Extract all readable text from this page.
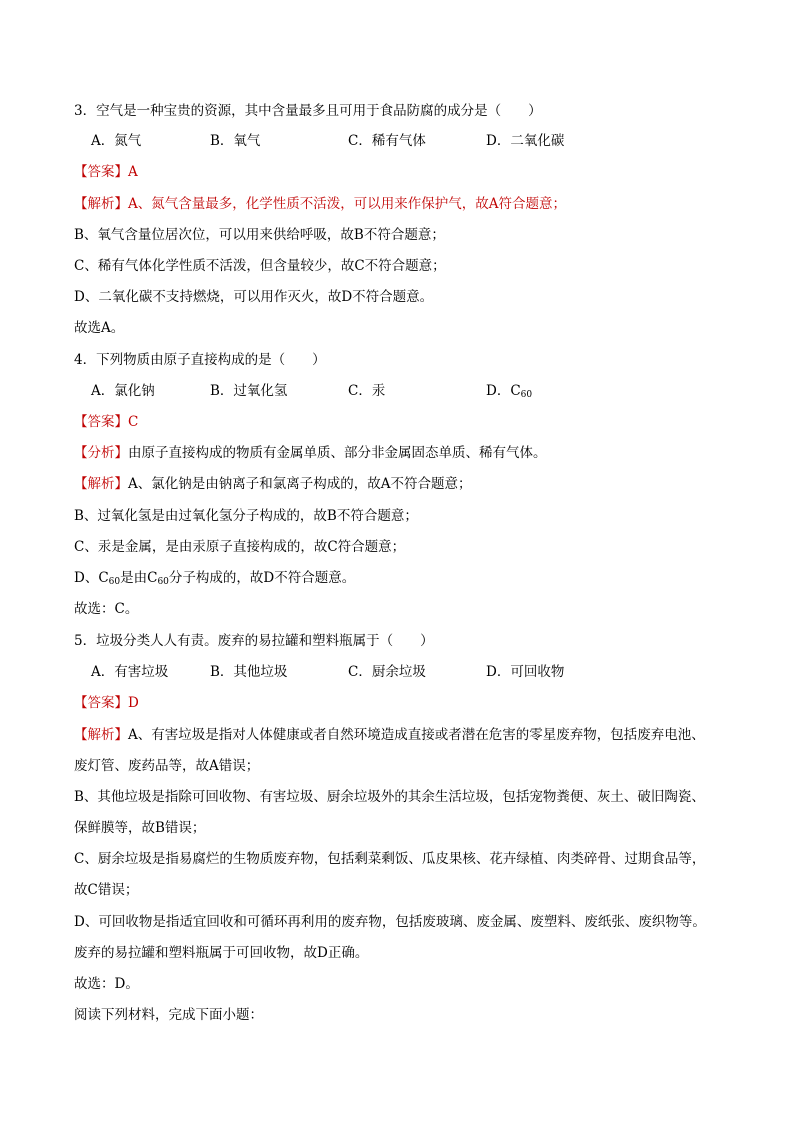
3．空气是一种宝贵的资源，其中含量最多且可用于食品防腐的成分是（　　）
A．氮气	B．氧气	C．稀有气体	D．二氧化碳
【答案】A
【解析】A、氮气含量最多，化学性质不活泼，可以用来作保护气，故A符合题意；
B、氧气含量位居次位，可以用来供给呼吸，故B不符合题意；
C、稀有气体化学性质不活泼，但含量较少，故C不符合题意；
D、二氧化碳不支持燃烧，可以用作灭火，故D不符合题意。
故选A。
4．下列物质由原子直接构成的是（　　）
A．氯化钠	B．过氧化氢	C．汞	D．$C_{60}$
【答案】C
【分析】由原子直接构成的物质有金属单质、部分非金属固态单质、稀有气体。
【解析】A、氯化钠是由钠离子和氯离子构成的，故A不符合题意；
B、过氧化氢是由过氧化氢分子构成的，故B不符合题意；
C、汞是金属，是由汞原子直接构成的，故C符合题意；
D、$C_{60}$是由$C_{60}$分子构成的，故D不符合题意。
故选：C。
5．垃圾分类人人有责。废弃的易拉罐和塑料瓶属于（　　）
A．有害垃圾	B．其他垃圾	C．厨余垃圾	D．可回收物
【答案】D
【解析】A、有害垃圾是指对人体健康或者自然环境造成直接或者潜在危害的零星废弃物，包括废弃电池、
废灯管、废药品等，故A错误；
B、其他垃圾是指除可回收物、有害垃圾、厨余垃圾外的其余生活垃圾，包括宠物粪便、灰土、破旧陶瓷、
保鲜膜等，故B错误；
C、厨余垃圾是指易腐烂的生物质废弃物，包括剩菜剩饭、瓜皮果核、花卉绿植、肉类碎骨、过期食品等，
故C错误；
D、可回收物是指适宜回收和可循环再利用的废弃物，包括废玻璃、废金属、废塑料、废纸张、废织物等。
废弃的易拉罐和塑料瓶属于可回收物，故D正确。
故选：D。
阅读下列材料，完成下面小题：
